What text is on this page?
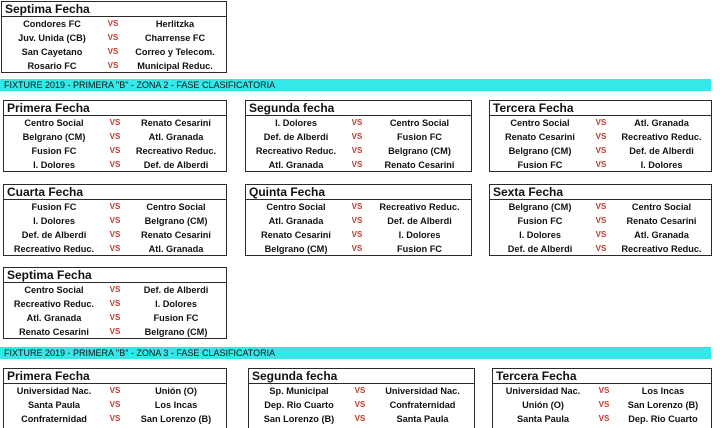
Septima Fecha
Condores FC	VS	Herlitzka
Juv. Unida (CB)	VS	Charrense FC
San Cayetano	VS	Correo y Telecom.
Rosario FC	VS	Municipal Reduc.
FIXTURE 2019 - PRIMERA "B" - ZONA 2 - FASE CLASIFICATORIA
Primera Fecha
Centro Social	VS	Renato Cesarini
Belgrano (CM)	VS	Atl. Granada
Fusion FC	VS	Recreativo Reduc.
I. Dolores	VS	Def. de Alberdi
Segunda fecha
I. Dolores	VS	Centro Social
Def. de Alberdi	VS	Fusion FC
Recreativo Reduc.	VS	Belgrano (CM)
Atl. Granada	VS	Renato Cesarini
Tercera Fecha
Centro Social	VS	Atl. Granada
Renato Cesarini	VS	Recreativo Reduc.
Belgrano (CM)	VS	Def. de Alberdi
Fusion FC	VS	I. Dolores
Cuarta Fecha
Fusion FC	VS	Centro Social
I. Dolores	VS	Belgrano (CM)
Def. de Alberdi	VS	Renato Cesarini
Recreativo Reduc.	VS	Atl. Granada
Quinta Fecha
Centro Social	VS	Recreativo Reduc.
Atl. Granada	VS	Def. de Alberdi
Renato Cesarini	VS	I. Dolores
Belgrano (CM)	VS	Fusion FC
Sexta Fecha
Belgrano (CM)	VS	Centro Social
Fusion FC	VS	Renato Cesarini
I. Dolores	VS	Atl. Granada
Def. de Alberdi	VS	Recreativo Reduc.
Septima Fecha
Centro Social	VS	Def. de Alberdi
Recreativo Reduc.	VS	I. Dolores
Atl. Granada	VS	Fusion FC
Renato Cesarini	VS	Belgrano (CM)
FIXTURE 2019 - PRIMERA "B" - ZONA 3 - FASE CLASIFICATORIA
Primera Fecha
Universidad Nac.	VS	Unión (O)
Santa Paula	VS	Los Incas
Confraternidad	VS	San Lorenzo (B)
Segunda fecha
Sp. Municipal	VS	Universidad Nac.
Dep. Rio Cuarto	VS	Confraternidad
San Lorenzo (B)	VS	Santa Paula
Tercera Fecha
Universidad Nac.	VS	Los Incas
Unión (O)	VS	San Lorenzo (B)
Santa Paula	VS	Dep. Rio Cuarto
